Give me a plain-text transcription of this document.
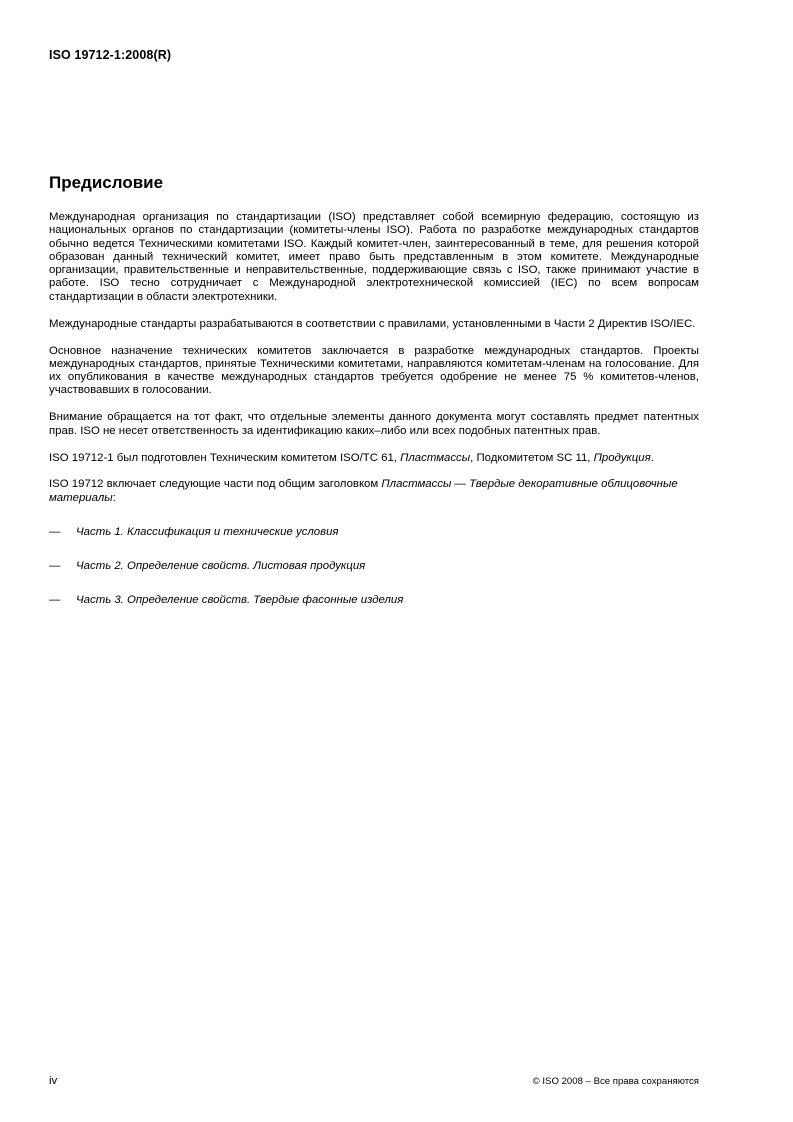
ISO 19712-1:2008(R)
Предисловие

Международная организация по стандартизации (ISO) представляет собой всемирную федерацию, состоящую из национальных органов по стандартизации (комитеты-члены ISO). Работа по разработке международных стандартов обычно ведется Техническими комитетами ISO. Каждый комитет-член, заинтересованный в теме, для решения которой образован данный технический комитет, имеет право быть представленным в этом комитете. Международные организации, правительственные и неправительственные, поддерживающие связь с ISO, также принимают участие в работе. ISO тесно сотрудничает с Международной электротехнической комиссией (IEC) по всем вопросам стандартизации в области электротехники.

Международные стандарты разрабатываются в соответствии с правилами, установленными в Части 2 Директив ISO/IEC.

Основное назначение технических комитетов заключается в разработке международных стандартов. Проекты международных стандартов, принятые Техническими комитетами, направляются комитетам-членам на голосование. Для их опубликования в качестве международных стандартов требуется одобрение не менее 75 % комитетов-членов, участвовавших в голосовании.

Внимание обращается на тот факт, что отдельные элементы данного документа могут составлять предмет патентных прав. ISO не несет ответственность за идентификацию каких–либо или всех подобных патентных прав.

ISO 19712-1 был подготовлен Техническим комитетом ISO/TC 61, Пластмассы, Подкомитетом SC 11, Продукция.

ISO 19712 включает следующие части под общим заголовком Пластмассы — Твердые декоративные облицовочные материалы:

—	Часть 1. Классификация и технические условия
—	Часть 2. Определение свойств. Листовая продукция
—	Часть 3. Определение свойств. Твердые фасонные изделия
iv	© ISO 2008 – Все права сохраняются
